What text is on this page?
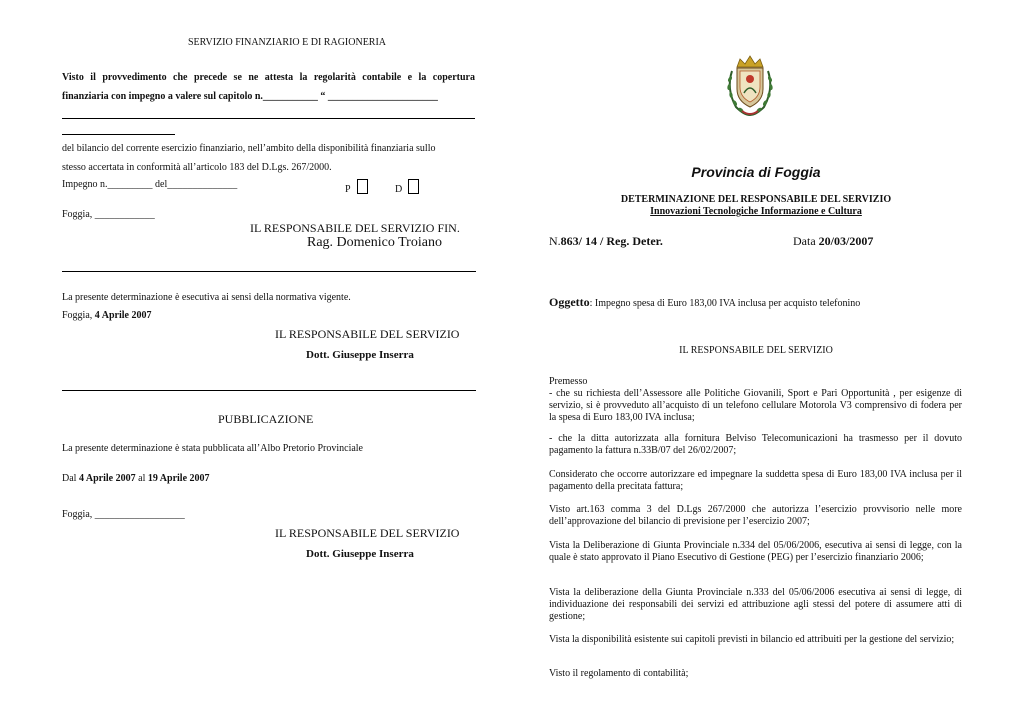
SERVIZIO FINANZIARIO E DI RAGIONERIA
Visto il provvedimento che precede se ne attesta la regolarità contabile e la copertura
finanziaria con impegno a valere sul capitolo n.___________ “ ______________________
del bilancio del corrente esercizio finanziario, nell’ambito della disponibilità finanziaria sullo
stesso accertata in conformità all’articolo 183 del D.Lgs. 267/2000.
Impegno n._________ del______________	P	D
Foggia, ____________
IL RESPONSABILE DEL SERVIZIO FIN.
Rag. Domenico Troiano
La presente determinazione è esecutiva ai sensi della normativa vigente.
Foggia, 4 Aprile 2007
IL RESPONSABILE DEL SERVIZIO
Dott. Giuseppe Inserra
PUBBLICAZIONE
La presente determinazione è stata pubblicata all’Albo Pretorio Provinciale
Dal 4 Aprile 2007 al 19 Aprile 2007
Foggia, __________________
IL RESPONSABILE DEL SERVIZIO
Dott. Giuseppe Inserra
Provincia di Foggia
DETERMINAZIONE DEL RESPONSABILE DEL SERVIZIO
Innovazioni Tecnologiche Informazione e Cultura
N.863/ 14 / Reg. Deter.	Data 20/03/2007
Oggetto: Impegno spesa di Euro 183,00 IVA inclusa per acquisto telefonino
IL RESPONSABILE DEL SERVIZIO
Premesso
- che su richiesta dell’Assessore alle Politiche Giovanili, Sport e Pari Opportunità , per esigenze di servizio, si è provveduto all’acquisto di un telefono cellulare Motorola V3 comprensivo di fodera per la spesa di Euro 183,00 IVA inclusa;
- che la ditta autorizzata alla fornitura Belviso Telecomunicazioni ha trasmesso per il dovuto pagamento la fattura n.33B/07 del 26/02/2007;
Considerato che occorre autorizzare ed impegnare la suddetta spesa di Euro 183,00 IVA inclusa per il pagamento della precitata fattura;
Visto art.163 comma 3 del D.Lgs 267/2000 che autorizza l’esercizio provvisorio nelle more dell’approvazione del bilancio di previsione per l’esercizio 2007;
Vista la Deliberazione di Giunta Provinciale n.334 del 05/06/2006, esecutiva ai sensi di legge, con la quale è stato approvato il Piano Esecutivo di Gestione (PEG) per l’esercizio finanziario 2006;
Vista la deliberazione della Giunta Provinciale n.333 del 05/06/2006 esecutiva ai sensi di legge, di individuazione dei responsabili dei servizi ed attribuzione agli stessi del potere di assumere atti di gestione;
Vista la disponibilità esistente sui capitoli previsti in bilancio ed attribuiti per la gestione del servizio;
Visto il regolamento di contabilità;
